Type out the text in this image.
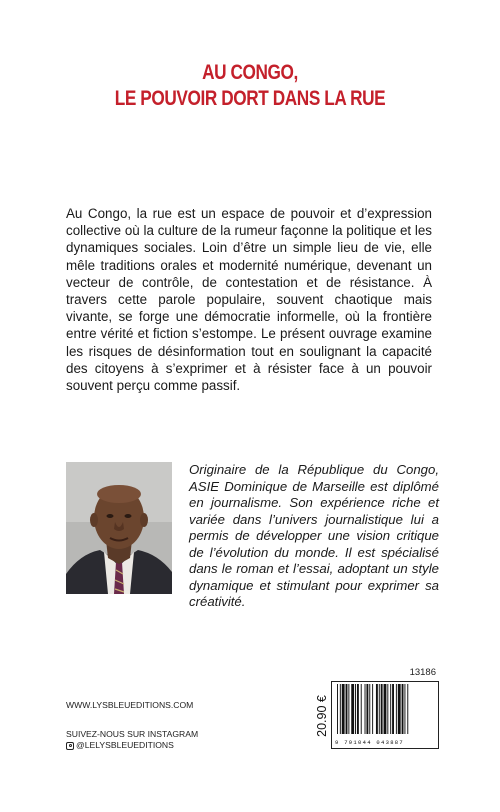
AU CONGO,
LE POUVOIR DORT DANS LA RUE
Au Congo, la rue est un espace de pouvoir et d’expression collective où la culture de la rumeur façonne la politique et les dynamiques sociales. Loin d’être un simple lieu de vie, elle mêle traditions orales et modernité numérique, devenant un vecteur de contrôle, de contestation et de résistance. À travers cette parole populaire, souvent chaotique mais vivante, se forge une démocratie informelle, où la frontière entre vérité et fiction s’estompe. Le présent ouvrage examine les risques de désinformation tout en soulignant la capacité des citoyens à s’exprimer et à résister face à un pouvoir souvent perçu comme passif.
Originaire de la République du Congo, ASIE Dominique de Marseille est diplômé en journalisme. Son expérience riche et variée dans l’univers journalistique lui a permis de développer une vision critique de l’évolution du monde. Il est spécialisé dans le roman et l’essai, adoptant un style dynamique et stimulant pour exprimer sa créativité.
WWW.LYSBLEUEDITIONS.COM
SUIVEZ-NOUS SUR INSTAGRAM
@LELYSBLEUEDITIONS
13186
20.90 €
9 791044 043887
